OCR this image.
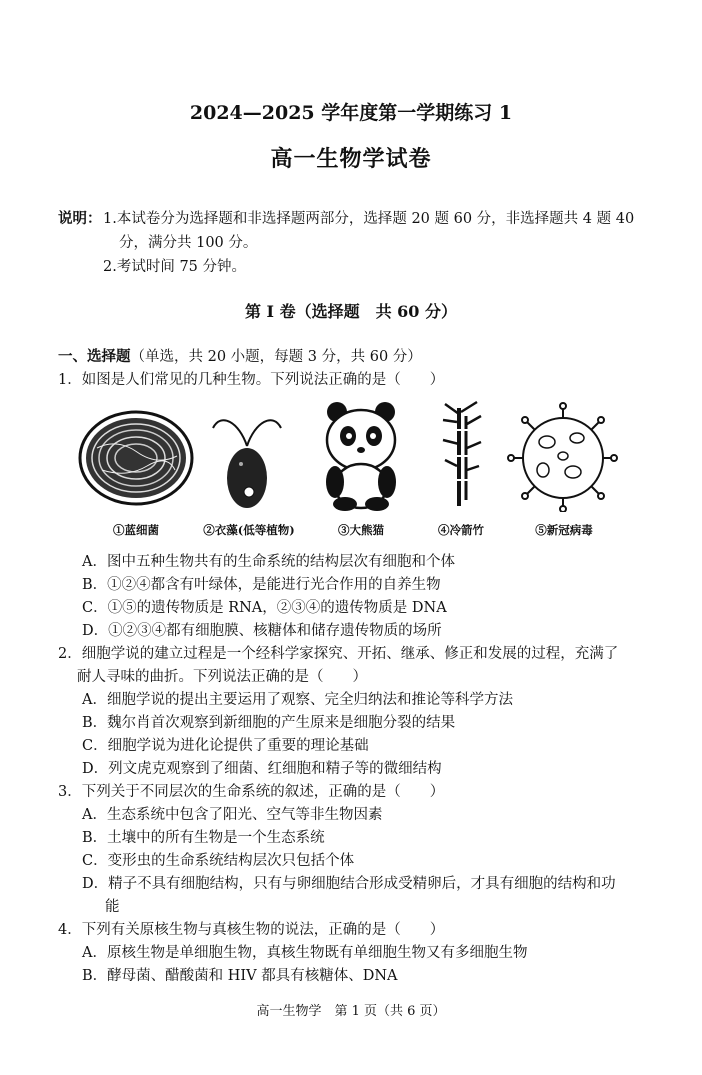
2024—2025 学年度第一学期练习 1
高一生物学试卷
说明： 1.本试卷分为选择题和非选择题两部分，选择题 20 题 60 分，非选择题共 4 题 40
分，满分共 100 分。
2.考试时间 75 分钟。
第 I 卷（选择题　共 60 分）
一、选择题（单选，共 20 小题，每题 3 分，共 60 分）
1．如图是人们常见的几种生物。下列说法正确的是（　　）
①蓝细菌	②衣藻(低等植物)	③大熊猫	④冷箭竹	⑤新冠病毒
A．图中五种生物共有的生命系统的结构层次有细胞和个体
B．①②④都含有叶绿体，是能进行光合作用的自养生物
C．①⑤的遗传物质是 RNA，②③④的遗传物质是 DNA
D．①②③④都有细胞膜、核糖体和储存遗传物质的场所
2．细胞学说的建立过程是一个经科学家探究、开拓、继承、修正和发展的过程，充满了
耐人寻味的曲折。下列说法正确的是（　　）
A．细胞学说的提出主要运用了观察、完全归纳法和推论等科学方法
B．魏尔肖首次观察到新细胞的产生原来是细胞分裂的结果
C．细胞学说为进化论提供了重要的理论基础
D．列文虎克观察到了细菌、红细胞和精子等的微细结构
3．下列关于不同层次的生命系统的叙述，正确的是（　　）
A．生态系统中包含了阳光、空气等非生物因素
B．土壤中的所有生物是一个生态系统
C．变形虫的生命系统结构层次只包括个体
D．精子不具有细胞结构，只有与卵细胞结合形成受精卵后，才具有细胞的结构和功
能
4．下列有关原核生物与真核生物的说法，正确的是（　　）
A．原核生物是单细胞生物，真核生物既有单细胞生物又有多细胞生物
B．酵母菌、醋酸菌和 HIV 都具有核糖体、DNA
高一生物学　第 1 页（共 6 页）
